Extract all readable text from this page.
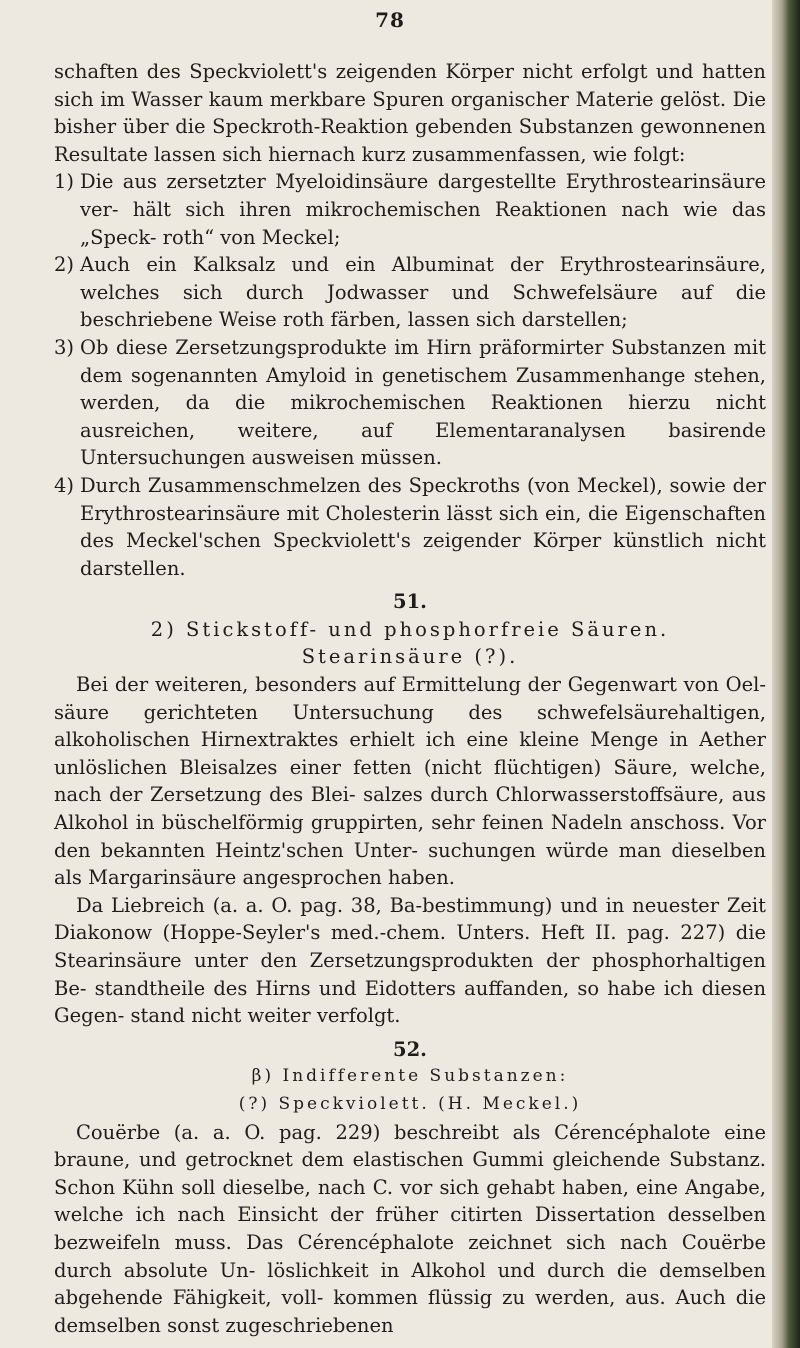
78

schaften des Speckviolett's zeigenden Körper nicht erfolgt und hatten sich im Wasser kaum merkbare Spuren organischer Materie gelöst. Die bisher über die Speckroth-Reaktion gebenden Substanzen gewonnenen Resultate lassen sich hiernach kurz zusammenfassen, wie folgt:

1) Die aus zersetzter Myeloidinsäure dargestellte Erythrostearinsäure ver- hält sich ihren mikrochemischen Reaktionen nach wie das „Speck- roth“ von Meckel;
2) Auch ein Kalksalz und ein Albuminat der Erythrostearinsäure, welches sich durch Jodwasser und Schwefelsäure auf die beschriebene Weise roth färben, lassen sich darstellen;
3) Ob diese Zersetzungsprodukte im Hirn präformirter Substanzen mit dem sogenannten Amyloid in genetischem Zusammenhange stehen, werden, da die mikrochemischen Reaktionen hierzu nicht ausreichen, weitere, auf Elementaranalysen basirende Untersuchungen ausweisen müssen.
4) Durch Zusammenschmelzen des Speckroths (von Meckel), sowie der Erythrostearinsäure mit Cholesterin lässt sich ein, die Eigenschaften des Meckel'schen Speckviolett's zeigender Körper künstlich nicht darstellen.

51.

2) Stickstoff- und phosphorfreie Säuren.

Stearinsäure (?).

Bei der weiteren, besonders auf Ermittelung der Gegenwart von Oel- säure gerichteten Untersuchung des schwefelsäurehaltigen, alkoholischen Hirnextraktes erhielt ich eine kleine Menge in Aether unlöslichen Bleisalzes einer fetten (nicht flüchtigen) Säure, welche, nach der Zersetzung des Blei- salzes durch Chlorwasserstoffsäure, aus Alkohol in büschelförmig gruppirten, sehr feinen Nadeln anschoss. Vor den bekannten Heintz'schen Unter- suchungen würde man dieselben als Margarinsäure angesprochen haben.

Da Liebreich (a. a. O. pag. 38, Ba-bestimmung) und in neuester Zeit Diakonow (Hoppe-Seyler's med.-chem. Unters. Heft II. pag. 227) die Stearinsäure unter den Zersetzungsprodukten der phosphorhaltigen Be- standtheile des Hirns und Eidotters auffanden, so habe ich diesen Gegen- stand nicht weiter verfolgt.

52.

β) Indifferente Substanzen:

(?) Speckviolett. (H. Meckel.)

Couërbe (a. a. O. pag. 229) beschreibt als Cérencéphalote eine braune, und getrocknet dem elastischen Gummi gleichende Substanz. Schon Kühn soll dieselbe, nach C. vor sich gehabt haben, eine Angabe, welche ich nach Einsicht der früher citirten Dissertation desselben bezweifeln muss. Das Cérencéphalote zeichnet sich nach Couërbe durch absolute Un- löslichkeit in Alkohol und durch die demselben abgehende Fähigkeit, voll- kommen flüssig zu werden, aus. Auch die demselben sonst zugeschriebenen
